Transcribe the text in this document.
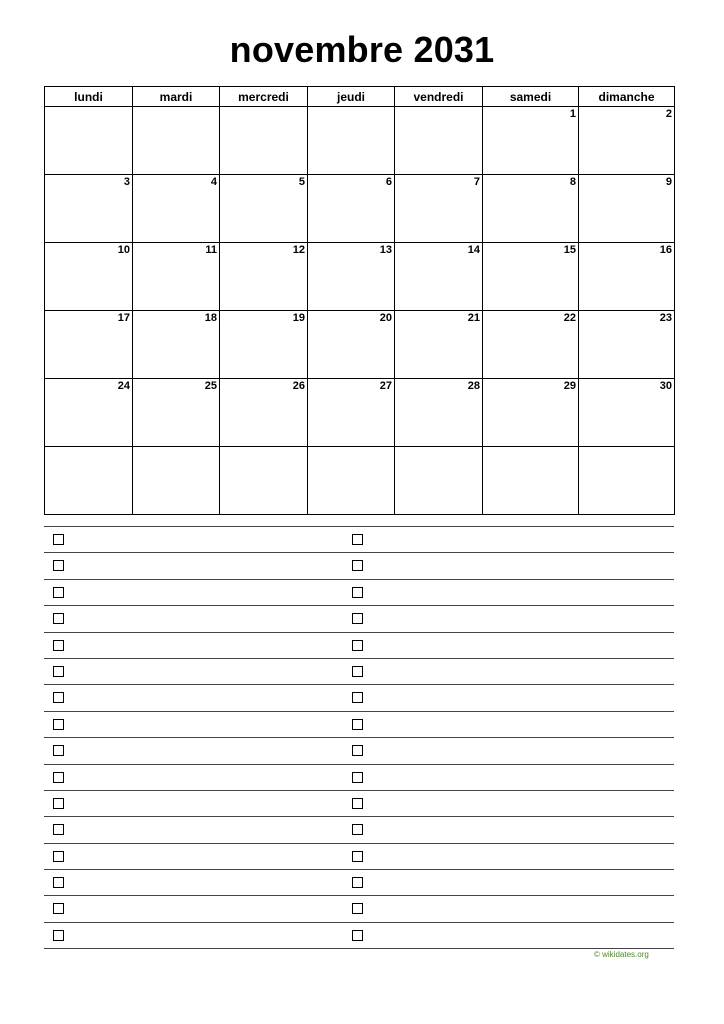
novembre 2031
lundi	mardi	mercredi	jeudi	vendredi	samedi	dimanche

					1	2

3	4	5	6	7	8	9

10	11	12	13	14	15	16

17	18	19	20	21	22	23

24	25	26	27	28	29	30

© wikidates.org
